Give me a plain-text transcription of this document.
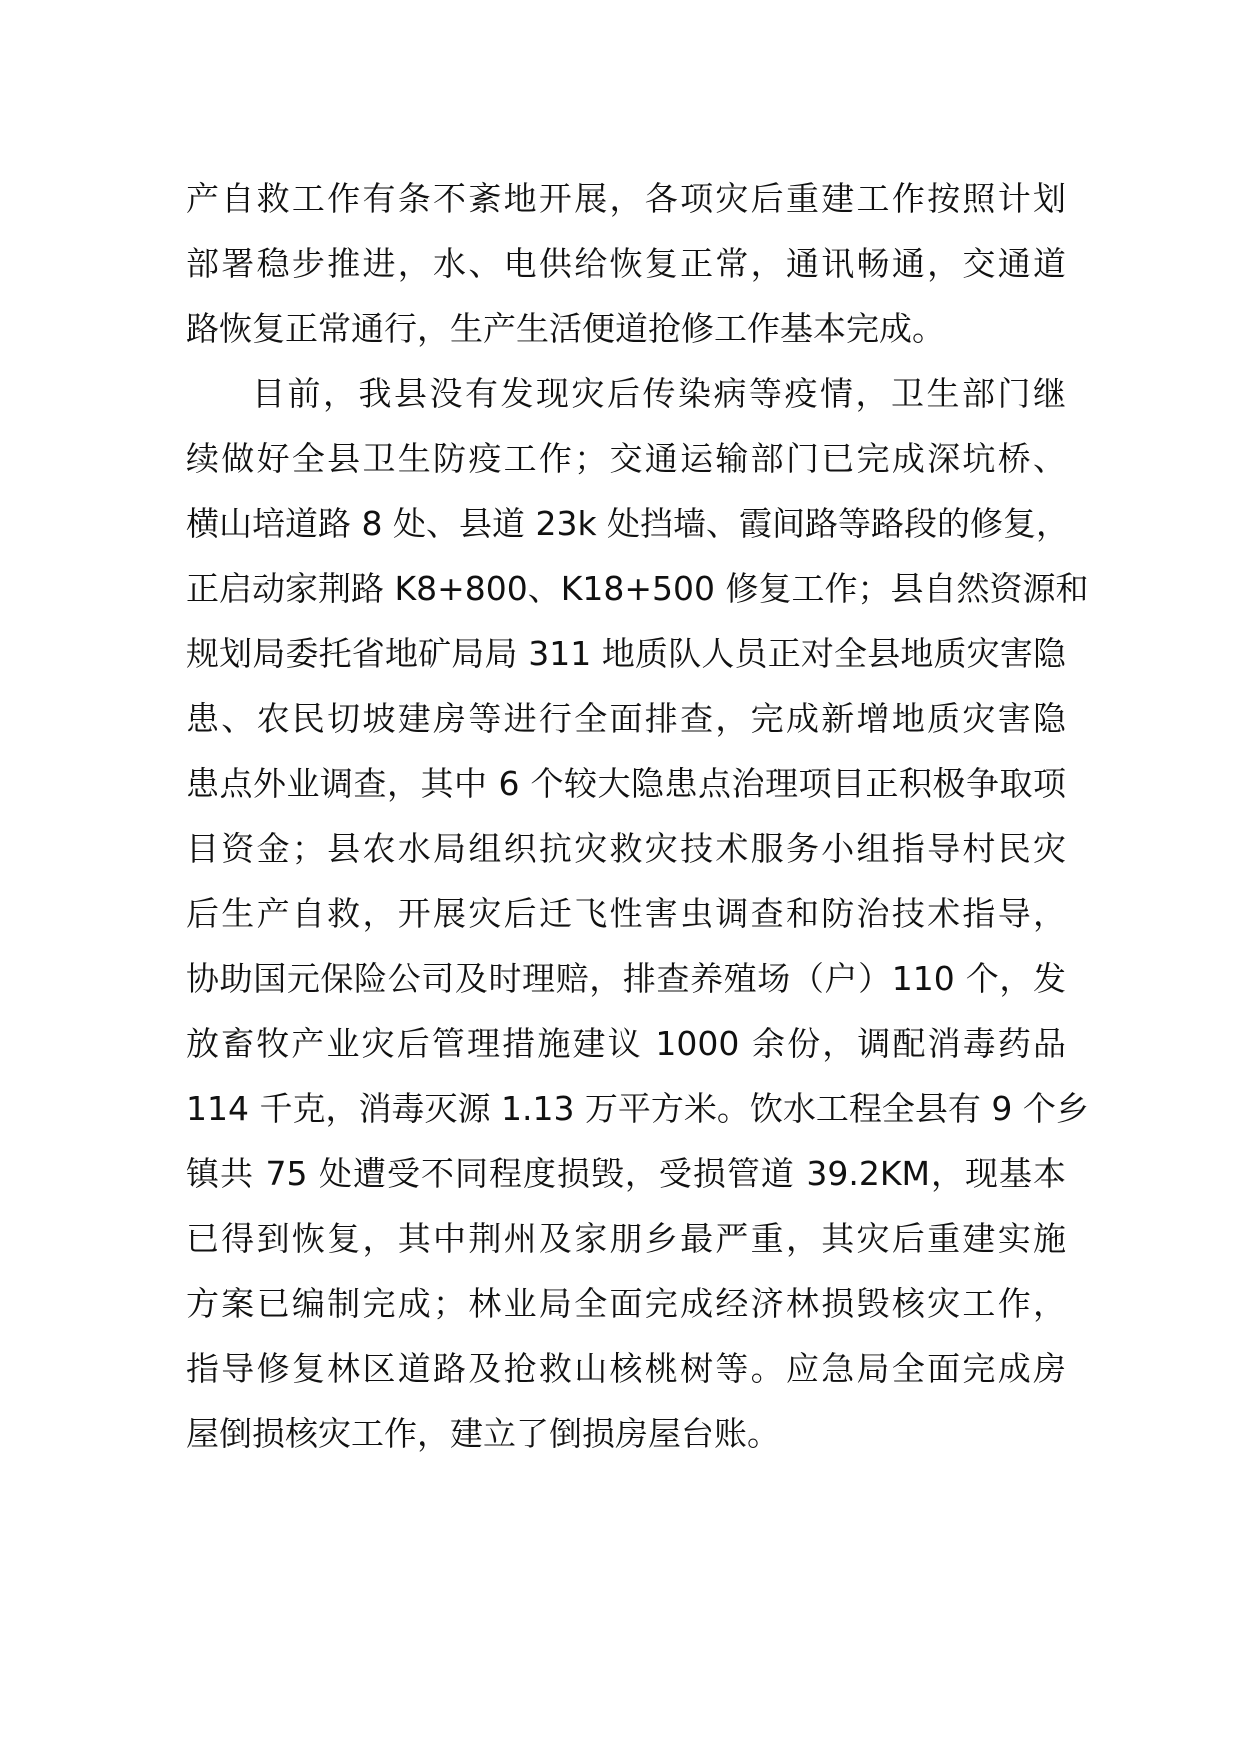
产自救工作有条不紊地开展，各项灾后重建工作按照计划
部署稳步推进，水、电供给恢复正常，通讯畅通，交通道
路恢复正常通行，生产生活便道抢修工作基本完成。
目前，我县没有发现灾后传染病等疫情，卫生部门继
续做好全县卫生防疫工作；交通运输部门已完成深坑桥、
横山培道路 8 处、县道 23k 处挡墙、霞间路等路段的修复，
正启动家荆路 K8+800、K18+500 修复工作；县自然资源和
规划局委托省地矿局局 311 地质队人员正对全县地质灾害隐
患、农民切坡建房等进行全面排查，完成新增地质灾害隐
患点外业调查，其中 6 个较大隐患点治理项目正积极争取项
目资金；县农水局组织抗灾救灾技术服务小组指导村民灾
后生产自救，开展灾后迁飞性害虫调查和防治技术指导，
协助国元保险公司及时理赔，排查养殖场（户）110 个，发
放畜牧产业灾后管理措施建议 1000 余份，调配消毒药品
114 千克，消毒灭源 1.13 万平方米。饮水工程全县有 9 个乡
镇共 75 处遭受不同程度损毁，受损管道 39.2KM，现基本
已得到恢复，其中荆州及家朋乡最严重，其灾后重建实施
方案已编制完成；林业局全面完成经济林损毁核灾工作，
指导修复林区道路及抢救山核桃树等。应急局全面完成房
屋倒损核灾工作，建立了倒损房屋台账。
